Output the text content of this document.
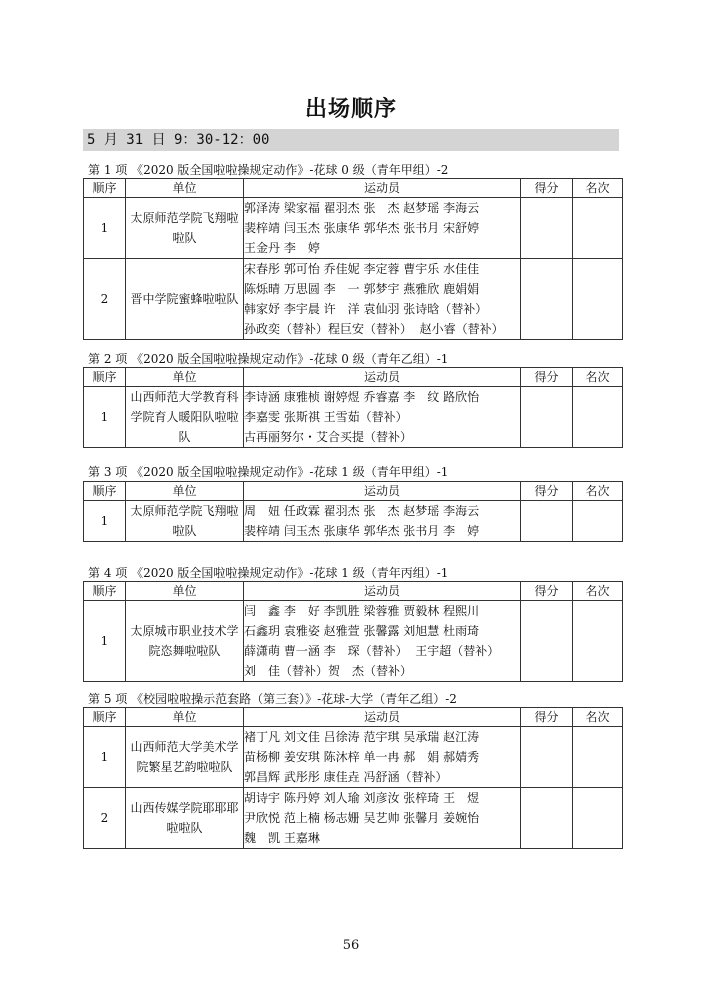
出场顺序
5 月 31 日 9：30-12：00
第 1 项 《2020 版全国啦啦操规定动作》-花球 0 级（青年甲组）-2
顺序	单位	运动员	得分	名次
1	太原师范学院飞翔啦啦队	郭泽涛 梁家福 翟羽杰 张　杰 赵梦瑶 李海云
裴梓靖 闫玉杰 张康华 郭华杰 张书月 宋舒婷
王金丹 李　婷		

2	晋中学院蜜蜂啦啦队	宋春彤 郭可怡 乔佳妮 李定蓉 曹宇乐 水佳佳
陈烁晴 万思圆 李　一 郭梦宇 燕雅欣 鹿娟娟
韩家妤 李宇晨 许　洋 袁仙羽 张诗晗（替补）
孙政奕（替补）程巨安（替补）  赵小睿（替补）		

第 2 项 《2020 版全国啦啦操规定动作》-花球 0 级（青年乙组）-1
顺序	单位	运动员	得分	名次
1	山西师范大学教育科学院育人暖阳队啦啦队	李诗涵 康雅桢 谢婷煜 乔睿嘉 李　纹 路欣怡
李嘉雯 张斯祺 王雪茹（替补）
古再丽努尔・艾合买提（替补）		

第 3 项 《2020 版全国啦啦操规定动作》-花球 1 级（青年甲组）-1
顺序	单位	运动员	得分	名次
1	太原师范学院飞翔啦啦队	周　妞 任政霖 翟羽杰 张　杰 赵梦瑶 李海云
裴梓靖 闫玉杰 张康华 郭华杰 张书月 李　婷		

第 4 项 《2020 版全国啦啦操规定动作》-花球 1 级（青年丙组）-1
顺序	单位	运动员	得分	名次
1	太原城市职业技术学院恣舞啦啦队	闫　鑫 李　好 李凯胜 梁蓉雅 贾毅林 程熙川
石鑫玥 袁雅姿 赵雅萱 张馨露 刘旭慧 杜雨琦
薛潇萌 曹一涵 李　琛（替补）  王宇超（替补）
刘　佳（替补）贺　杰（替补）		

第 5 项 《校园啦啦操示范套路（第三套）》-花球-大学（青年乙组）-2
顺序	单位	运动员	得分	名次
1	山西师范大学美术学院繁星艺韵啦啦队	褚丁凡 刘文佳 吕徐涛 范宇琪 吴承瑞 赵江涛
苗杨柳 姜安琪 陈沐梓 单一冉 郝　娟 郝婧秀
郭昌辉 武彤彤 康佳垚 冯舒涵（替补）		

2	山西传媒学院耶耶耶啦啦队	胡诗宇 陈丹婷 刘人瑜 刘彦汝 张梓琦 王　煜
尹欣悦 范上楠 杨志姗 吴艺帅 张馨月 姜婉怡
魏　凯 王嘉琳		

56
